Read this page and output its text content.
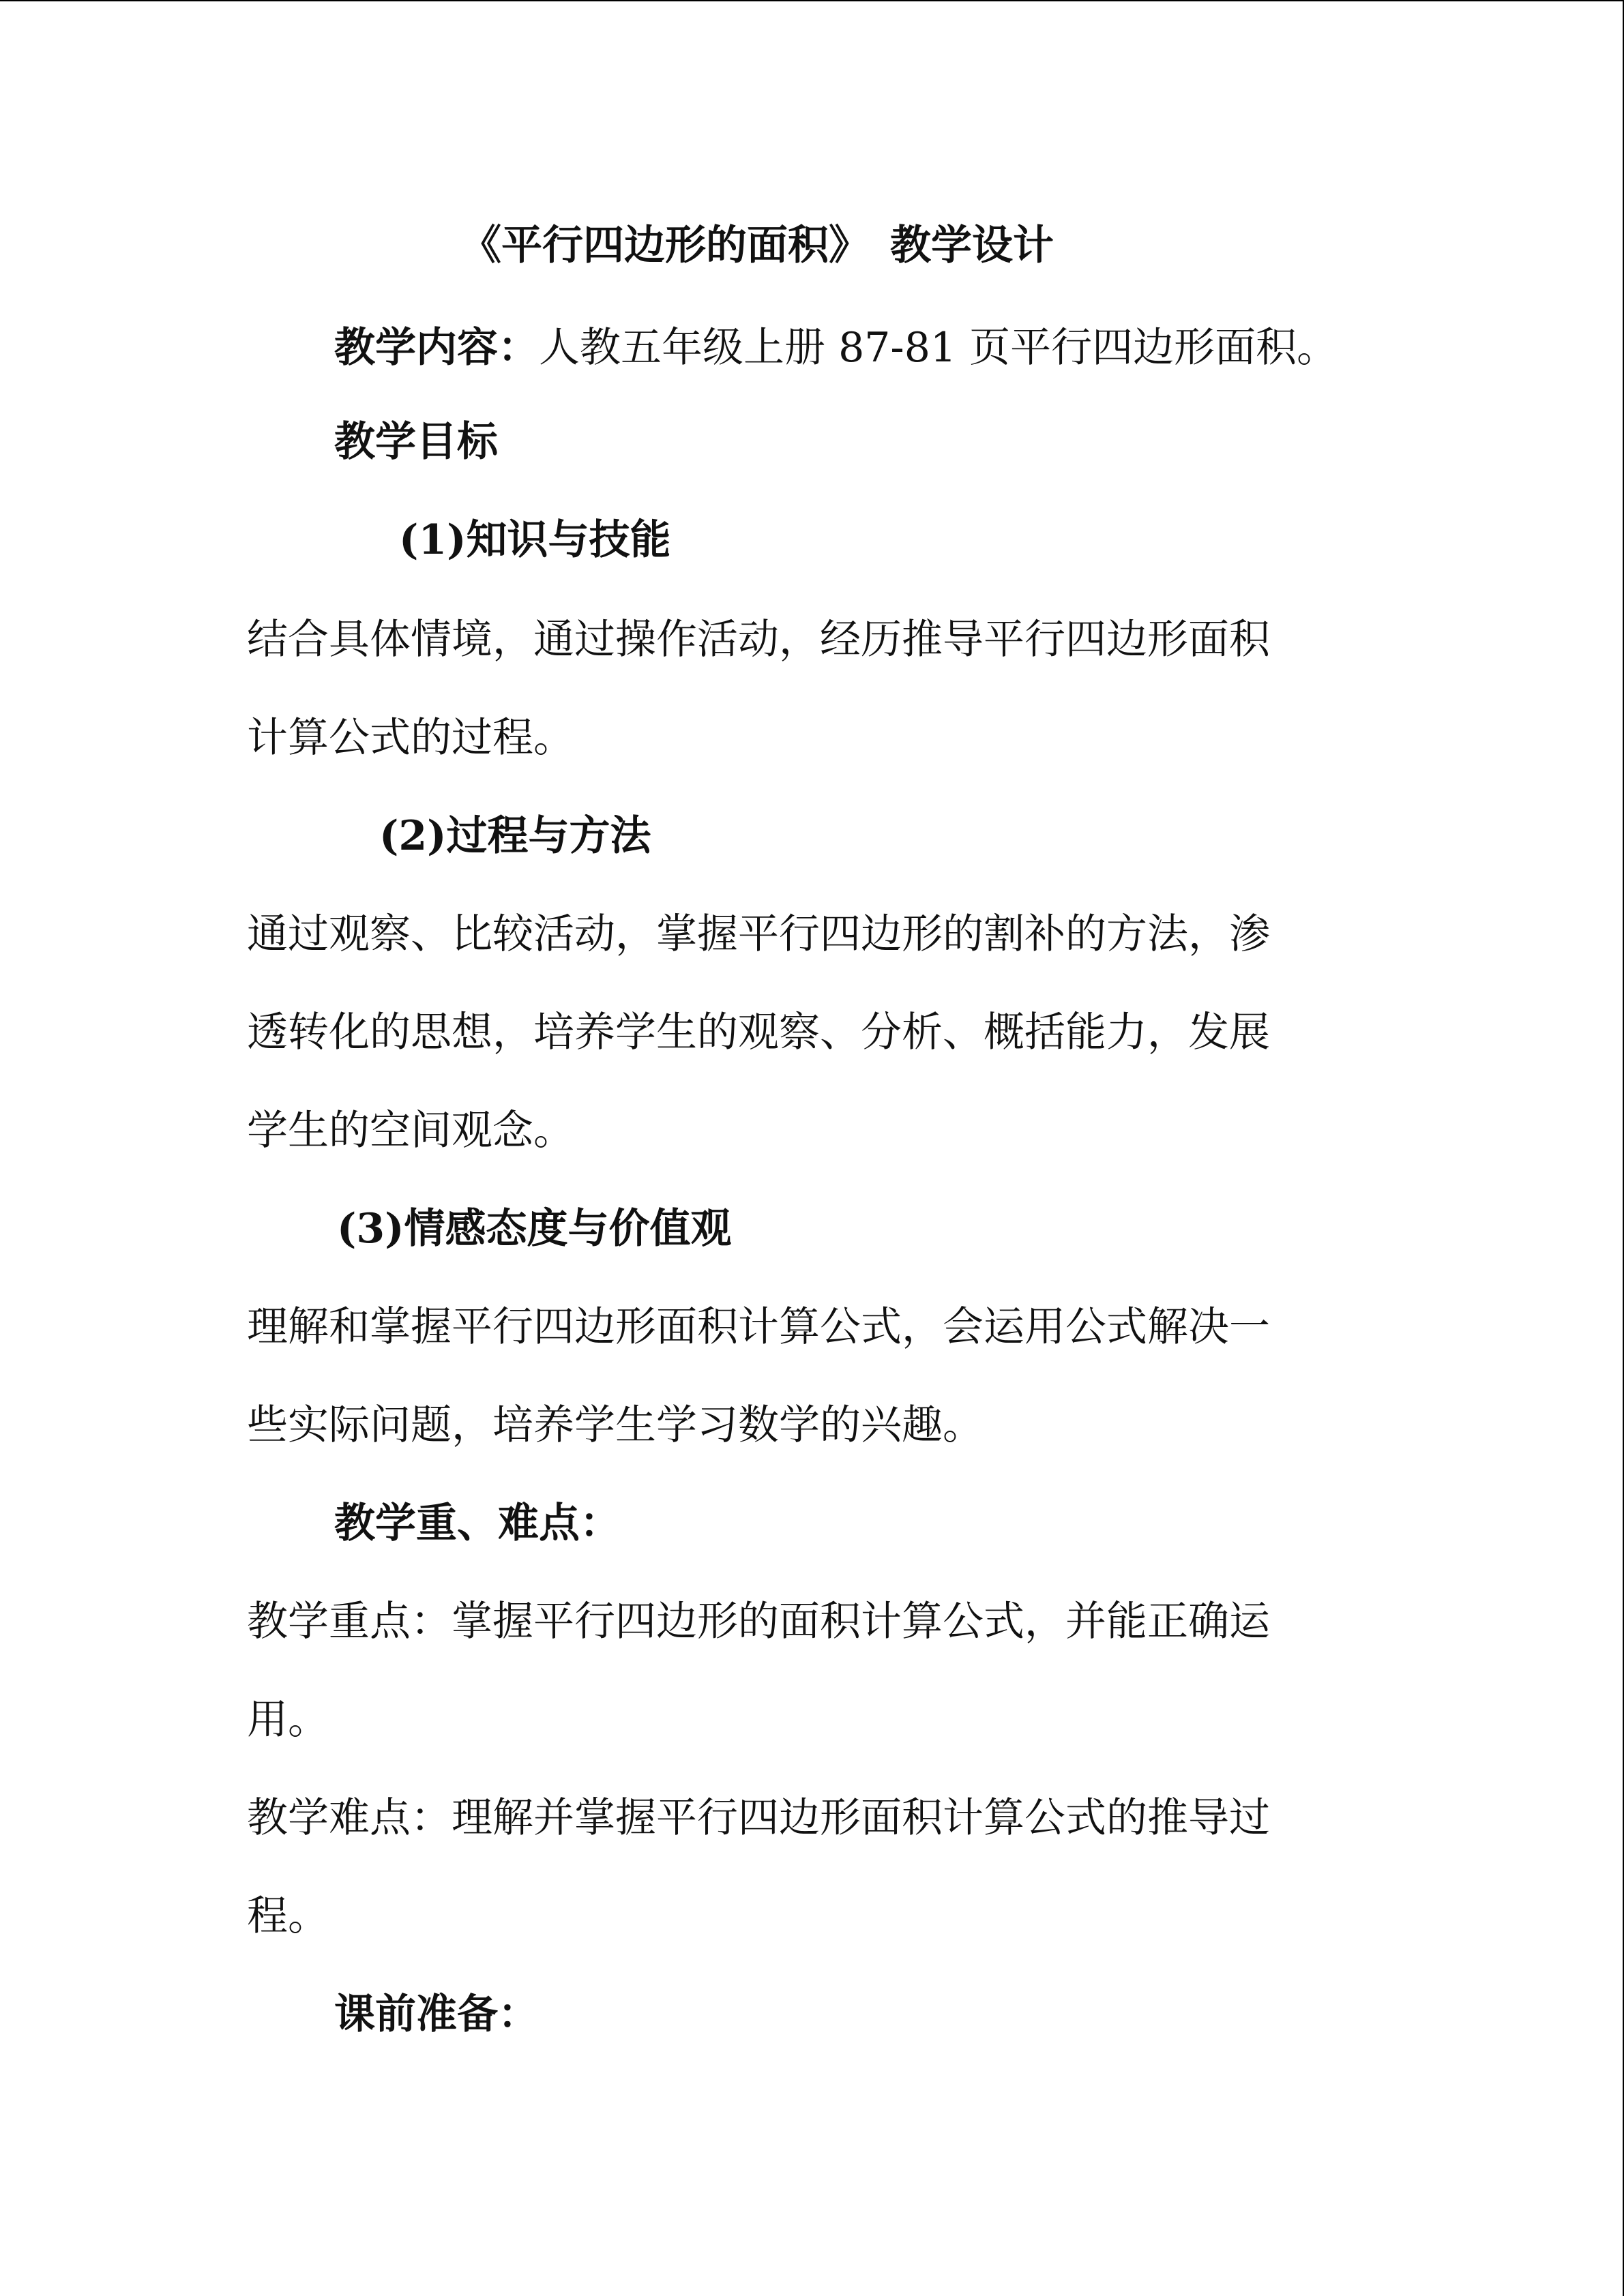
《平行四边形的面积》　教学设计
教学内容：人教五年级上册 87-81 页平行四边形面积。
教学目标
(1)知识与技能
结合具体情境，通过操作活动，经历推导平行四边形面积
计算公式的过程。
(2)过程与方法
通过观察、比较活动，掌握平行四边形的割补的方法，渗
透转化的思想，培养学生的观察、分析、概括能力，发展
学生的空间观念。
(3)情感态度与价值观
理解和掌握平行四边形面积计算公式，会运用公式解决一
些实际问题，培养学生学习数学的兴趣。
教学重、难点：
教学重点：掌握平行四边形的面积计算公式，并能正确运
用。
教学难点：理解并掌握平行四边形面积计算公式的推导过
程。
课前准备：
